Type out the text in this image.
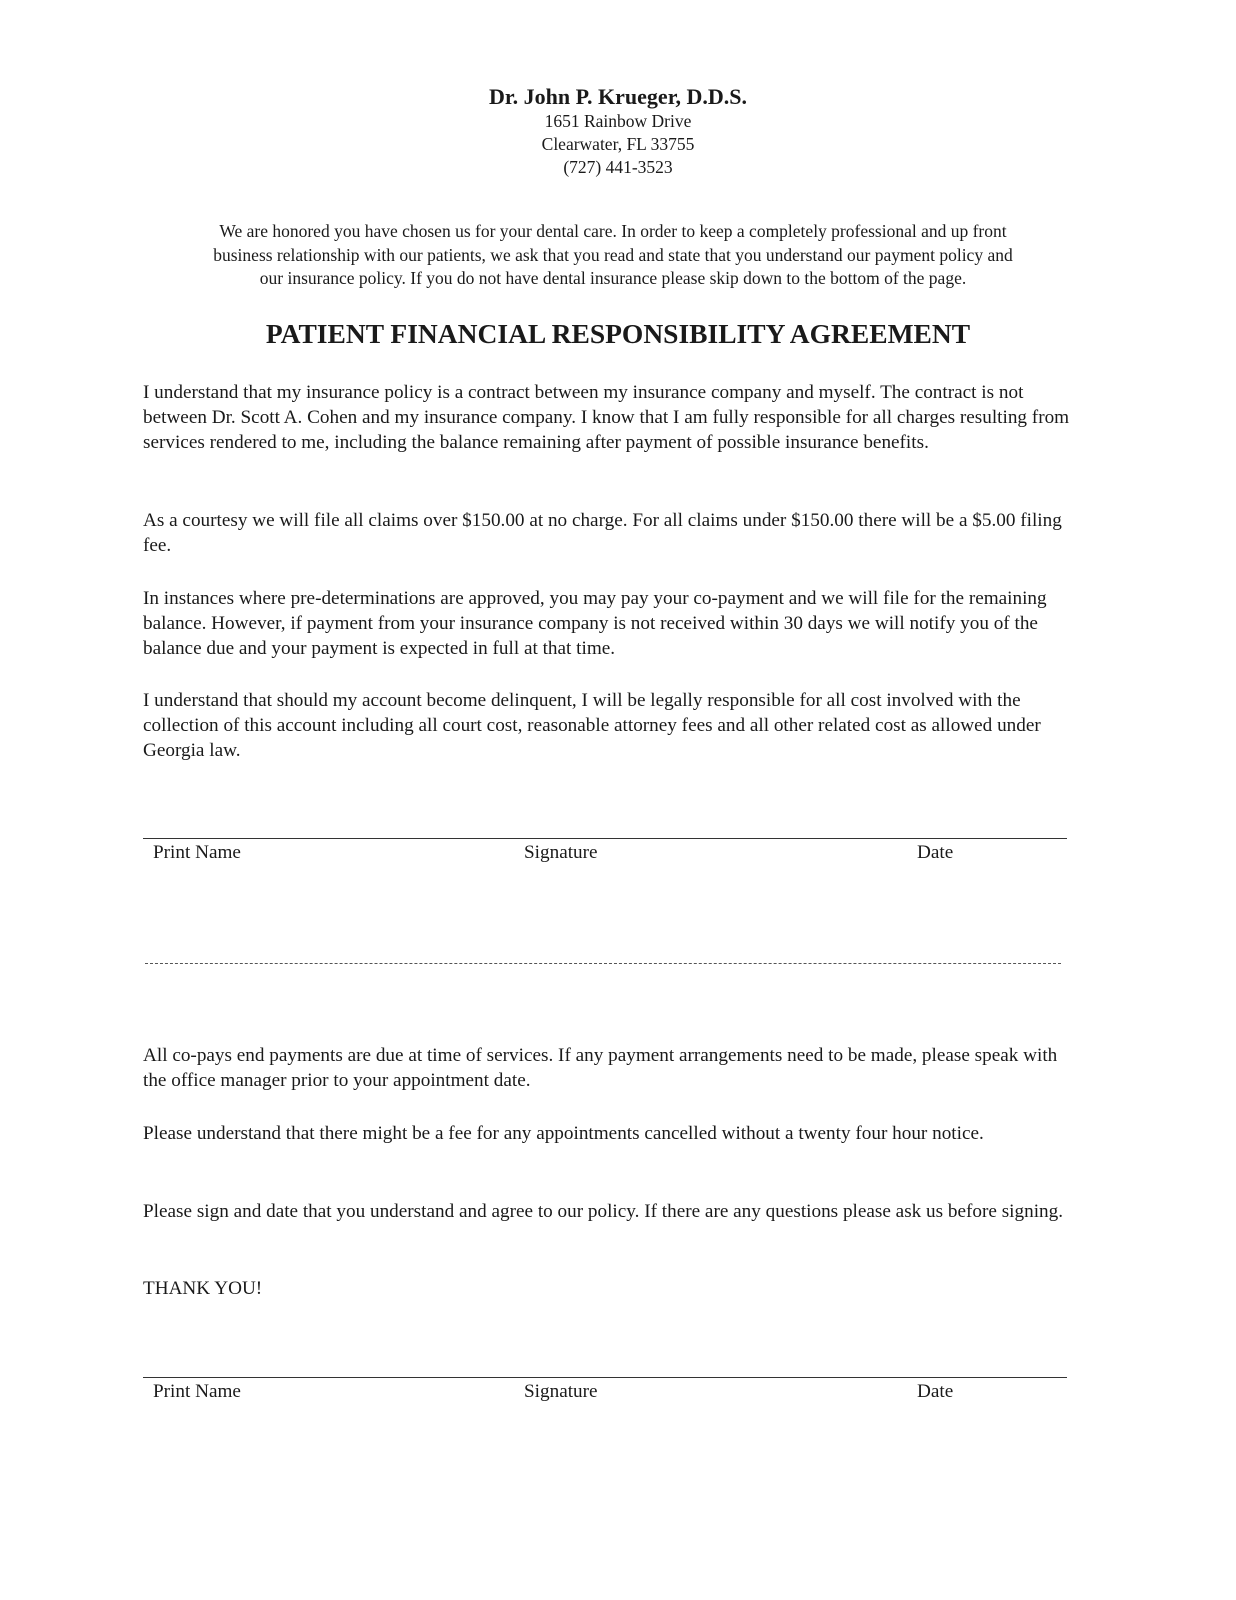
Dr. John P. Krueger, D.D.S.
1651 Rainbow Drive
Clearwater, FL 33755
(727) 441-3523
We are honored you have chosen us for your dental care. In order to keep a completely professional and up front
business relationship with our patients, we ask that you read and state that you understand our payment policy and
our insurance policy. If you do not have dental insurance please skip down to the bottom of the page.
PATIENT FINANCIAL RESPONSIBILITY AGREEMENT

I understand that my insurance policy is a contract between my insurance company and myself. The contract is not between Dr. Scott A. Cohen and my insurance company. I know that I am fully responsible for all charges resulting from services rendered to me, including the balance remaining after payment of possible insurance benefits.

As a courtesy we will file all claims over $150.00 at no charge. For all claims under $150.00 there will be a $5.00 filing fee.

In instances where pre-determinations are approved, you may pay your co-payment and we will file for the remaining balance. However, if payment from your insurance company is not received within 30 days we will notify you of the balance due and your payment is expected in full at that time.

I understand that should my account become delinquent, I will be legally responsible for all cost involved with the collection of this account including all court cost, reasonable attorney fees and all other related cost as allowed under Georgia law.

Print Name	Signature	Date

All co-pays end payments are due at time of services. If any payment arrangements need to be made, please speak with the office manager prior to your appointment date.

Please understand that there might be a fee for any appointments cancelled without a twenty four hour notice.

Please sign and date that you understand and agree to our policy. If there are any questions please ask us before signing.

THANK YOU!

Print Name	Signature	Date
